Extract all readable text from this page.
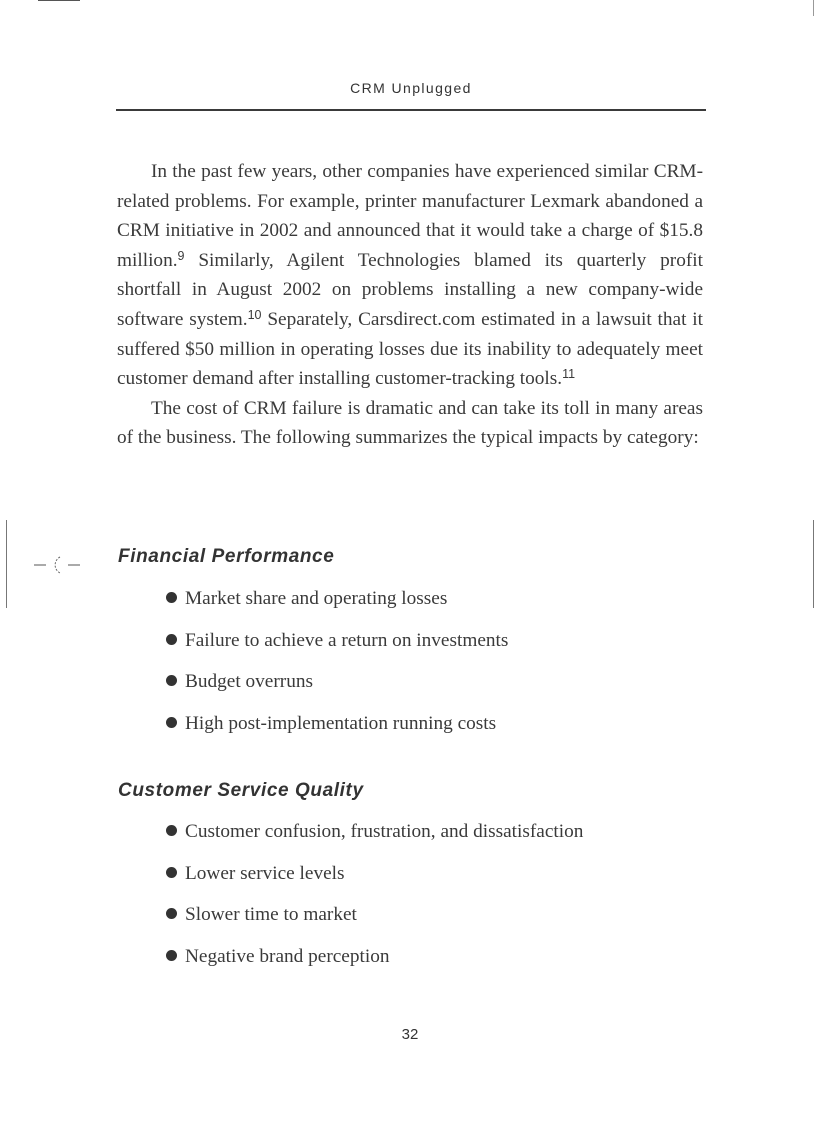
CRM Unplugged

In the past few years, other companies have experienced similar CRM-related problems. For example, printer manufacturer Lexmark abandoned a CRM initiative in 2002 and announced that it would take a charge of $15.8 million.$^9$ Similarly, Agilent Technologies blamed its quarterly profit shortfall in August 2002 on problems installing a new company-wide software system.$^{10}$ Separately, Carsdirect.com estimated in a lawsuit that it suffered $50 million in operating losses due its inability to adequately meet customer demand after installing customer-tracking tools.$^{11}$

The cost of CRM failure is dramatic and can take its toll in many areas of the business. The following summarizes the typical impacts by category:

Financial Performance
Market share and operating losses
Failure to achieve a return on investments
Budget overruns
High post-implementation running costs
Customer Service Quality
Customer confusion, frustration, and dissatisfaction
Lower service levels
Slower time to market
Negative brand perception
32
